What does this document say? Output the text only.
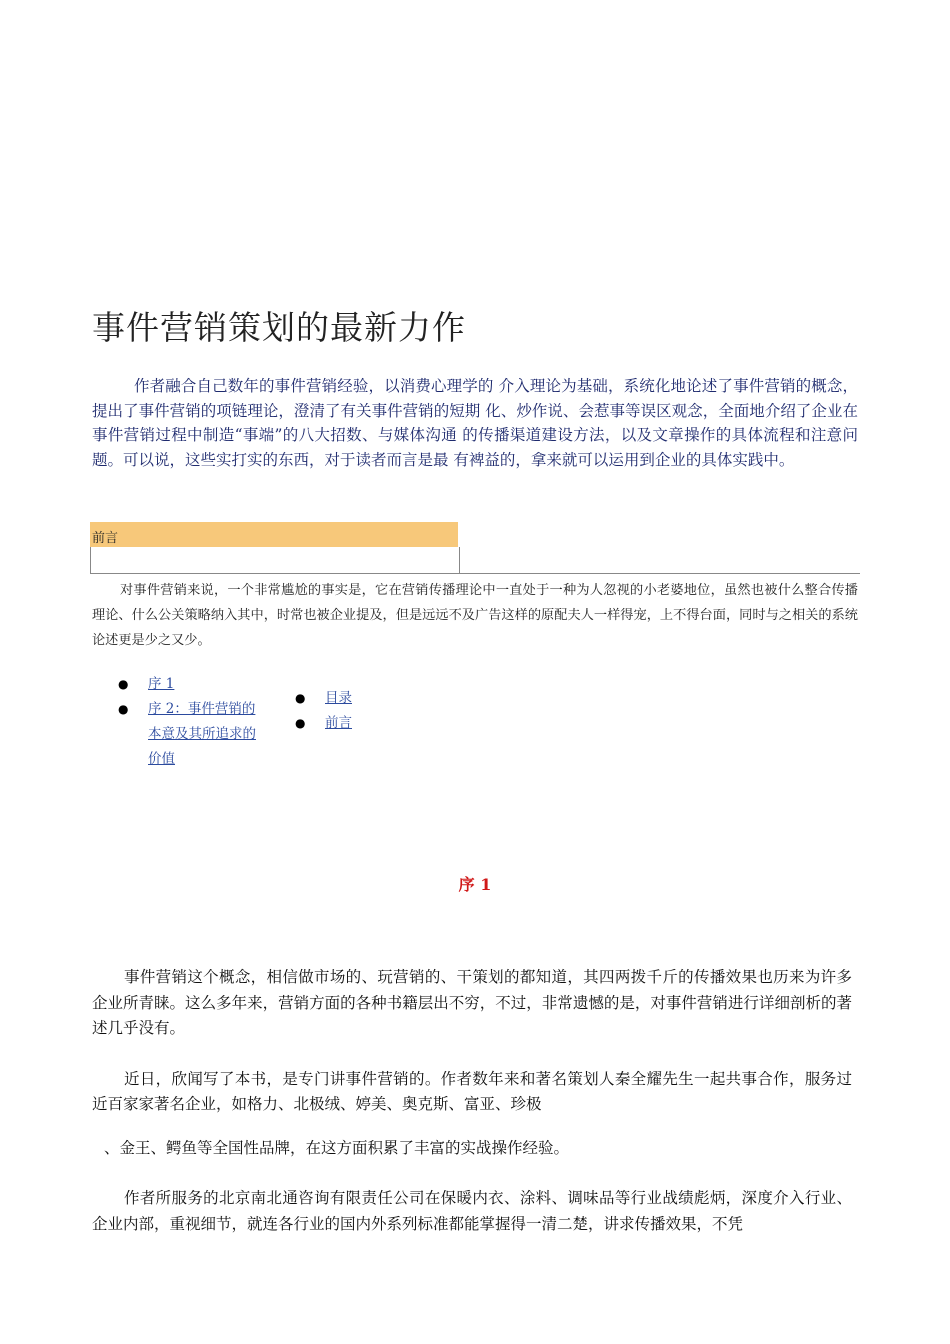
事件营销策划的最新力作

作者融合自己数年的事件营销经验，以消费心理学的 介入理论为基础，系统化地论述了事件营销的概念，提出了事件营销的项链理论，澄清了有关事件营销的短期 化、炒作说、会惹事等误区观念，全面地介绍了企业在事件营销过程中制造“事端”的八大招数、与媒体沟通 的传播渠道建设方法，以及文章操作的具体流程和注意问题。可以说，这些实打实的东西，对于读者而言是最 有裨益的，拿来就可以运用到企业的具体实践中。

前言

对事件营销来说，一个非常尴尬的事实是，它在营销传播理论中一直处于一种为人忽视的小老婆地位，虽然也被什么整合传播理论、什么公关策略纳入其中，时常也被企业提及，但是远远不及广告这样的原配夫人一样得宠，上不得台面，同时与之相关的系统论述更是少之又少。

● 序 1
● 序 2：事件营销的本意及其所追求的价值
● 目录
● 前言
序 1

事件营销这个概念，相信做市场的、玩营销的、干策划的都知道，其四两拨千斤的传播效果也历来为许多企业所青睐。这么多年来，营销方面的各种书籍层出不穷，不过，非常遗憾的是，对事件营销进行详细剖析的著述几乎没有。

近日，欣闻写了本书，是专门讲事件营销的。作者数年来和著名策划人秦全耀先生一起共事合作，服务过近百家家著名企业，如格力、北极绒、婷美、奥克斯、富亚、珍极

、金王、鳄鱼等全国性品牌，在这方面积累了丰富的实战操作经验。

作者所服务的北京南北通咨询有限责任公司在保暖内衣、涂料、调味品等行业战绩彪炳，深度介入行业、企业内部，重视细节，就连各行业的国内外系列标准都能掌握得一清二楚，讲求传播效果，不凭
